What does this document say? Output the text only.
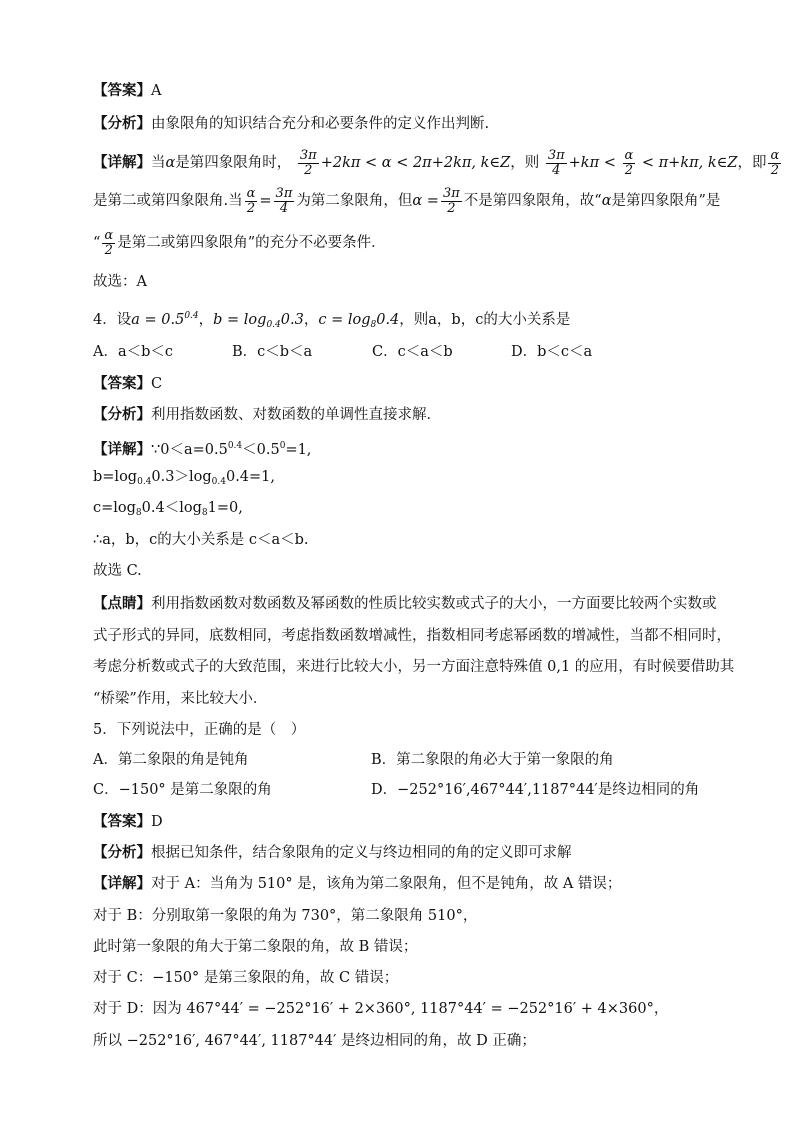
【答案】A
【分析】由象限角的知识结合充分和必要条件的定义作出判断.
【详解】当α是第四象限角时， $\frac{3\pi}{2} +2k\pi < \alpha < 2\pi+2k\pi$, k∈Z，则 $\frac{3\pi}{4} +k\pi < \frac{\alpha}{2} < \pi+k\pi$, k∈Z，即 $\frac{\alpha}{2}$
是第二或第四象限角.当 $\frac{\alpha}{2} = \frac{3\pi}{4}$ 为第二象限角，但$\alpha = \frac{3\pi}{2}$ 不是第四象限角，故“α是第四象限角”是
“ $\frac{\alpha}{2}$ 是第二或第四象限角”的充分不必要条件．
故选：A
4．设$a = 0.5^{0.4}$，$b = \log_{0.4}0.3$，$c = \log_80.4$，则a，b，c的大小关系是
A．a＜b＜c	B．c＜b＜a	C．c＜a＜b	D．b＜c＜a
【答案】C
【分析】利用指数函数、对数函数的单调性直接求解．
【详解】$\because 0<a=0.5^{0.4}<0.5^0=1$,
$b=\log_{0.4}0.3>\log_{0.4}0.4=1$,
$c=\log_80.4<\log_81=0$,
∴a，b，c的大小关系是 c＜a＜b.
故选 C.
【点睛】利用指数函数对数函数及幂函数的性质比较实数或式子的大小，一方面要比较两个实数或
式子形式的异同，底数相同，考虑指数函数增减性，指数相同考虑幂函数的增减性，当都不相同时，
考虑分析数或式子的大致范围，来进行比较大小，另一方面注意特殊值 0,1 的应用，有时候要借助其
“桥梁”作用，来比较大小．
5．下列说法中，正确的是（　）
A．第二象限的角是钝角	B．第二象限的角必大于第一象限的角
C．−150° 是第二象限的角	D．−252°16′,467°44′,1187°44′是终边相同的角
【答案】D
【分析】根据已知条件，结合象限角的定义与终边相同的角的定义即可求解
【详解】对于 A：当角为 510° 是，该角为第二象限角，但不是钝角，故 A 错误；
对于 B：分别取第一象限的角为 730°，第二象限角 510°，
此时第一象限的角大于第二象限的角，故 B 错误；
对于 C：−150° 是第三象限的角，故 C 错误；
对于 D：因为 467°44′ = −252°16′ + 2×360°, 1187°44′ = −252°16′ + 4×360°，
所以 −252°16′, 467°44′, 1187°44′ 是终边相同的角，故 D 正确；
